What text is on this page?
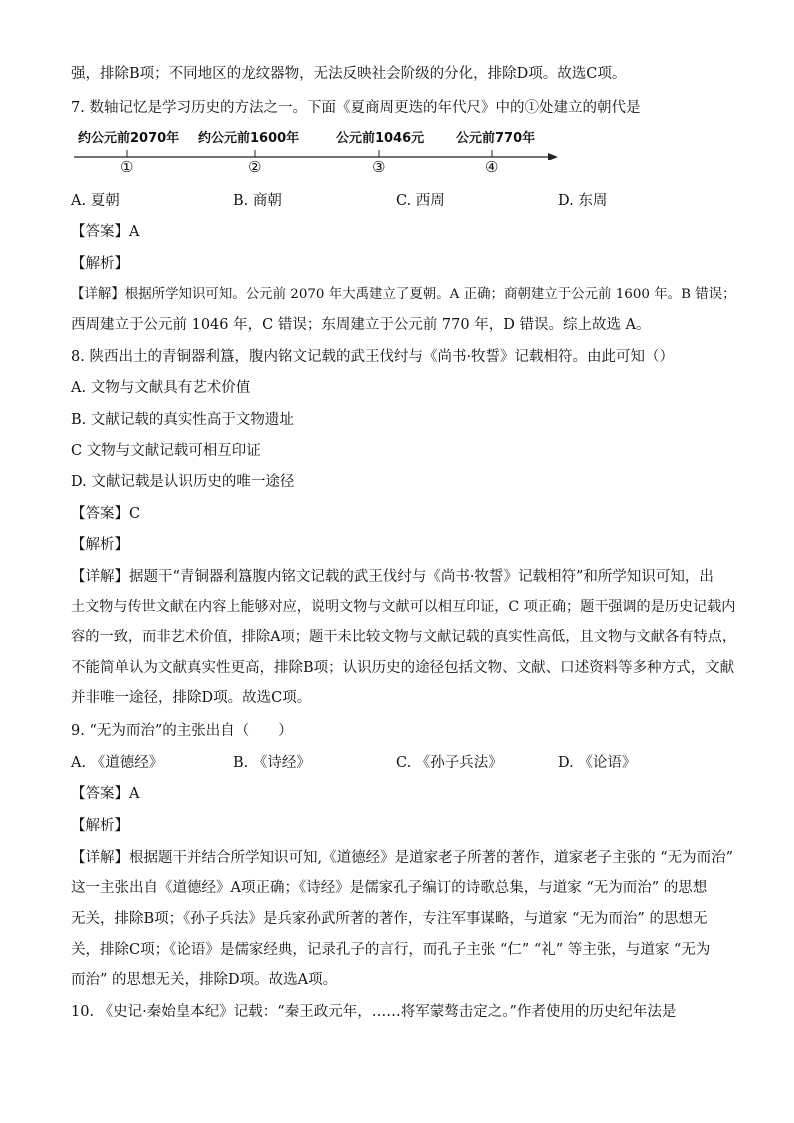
强，排除B项；不同地区的龙纹器物，无法反映社会阶级的分化，排除D项。故选C项。
7. 数轴记忆是学习历史的方法之一。下面《夏商周更迭的年代尺》中的①处建立的朝代是
约公元前2070年 约公元前1600年	公元前1046元 公元前770年
①	②	③	④
A. 夏朝	B. 商朝	C. 西周	D. 东周
【答案】A
【解析】
【详解】根据所学知识可知。公元前 2070 年大禹建立了夏朝。A 正确；商朝建立于公元前 1600 年。B 错误；
西周建立于公元前 1046 年，C 错误；东周建立于公元前 770 年，D 错误。综上故选 A。
8. 陕西出土的青铜器利簋，腹内铭文记载的武王伐纣与《尚书·牧誓》记载相符。由此可知（）
A. 文物与文献具有艺术价值
B. 文献记载的真实性高于文物遗址
C 文物与文献记载可相互印证
D. 文献记载是认识历史的唯一途径
【答案】C
【解析】
【详解】据题干“青铜器利簋腹内铭文记载的武王伐纣与《尚书·牧誓》记载相符”和所学知识可知，出
土文物与传世文献在内容上能够对应，说明文物与文献可以相互印证，C 项正确；题干强调的是历史记载内
容的一致，而非艺术价值，排除A项；题干未比较文物与文献记载的真实性高低，且文物与文献各有特点，
不能简单认为文献真实性更高，排除B项；认识历史的途径包括文物、文献、口述资料等多种方式，文献
并非唯一途径，排除D项。故选C项。
9. “无为而治”的主张出自（　　）
A. 《道德经》	B. 《诗经》	C. 《孙子兵法》	D. 《论语》
【答案】A
【解析】
【详解】根据题干并结合所学知识可知,《道德经》是道家老子所著的著作，道家老子主张的 “无为而治”
这一主张出自《道德经》A项正确；《诗经》是儒家孔子编订的诗歌总集，与道家 “无为而治” 的思想
无关，排除B项；《孙子兵法》是兵家孙武所著的著作，专注军事谋略，与道家 “无为而治” 的思想无
关，排除C项；《论语》是儒家经典，记录孔子的言行，而孔子主张 “仁” “礼” 等主张，与道家 “无为
而治” 的思想无关，排除D项。故选A项。
10. 《史记·秦始皇本纪》记载：“秦王政元年，……将军蒙骜击定之。”作者使用的历史纪年法是
